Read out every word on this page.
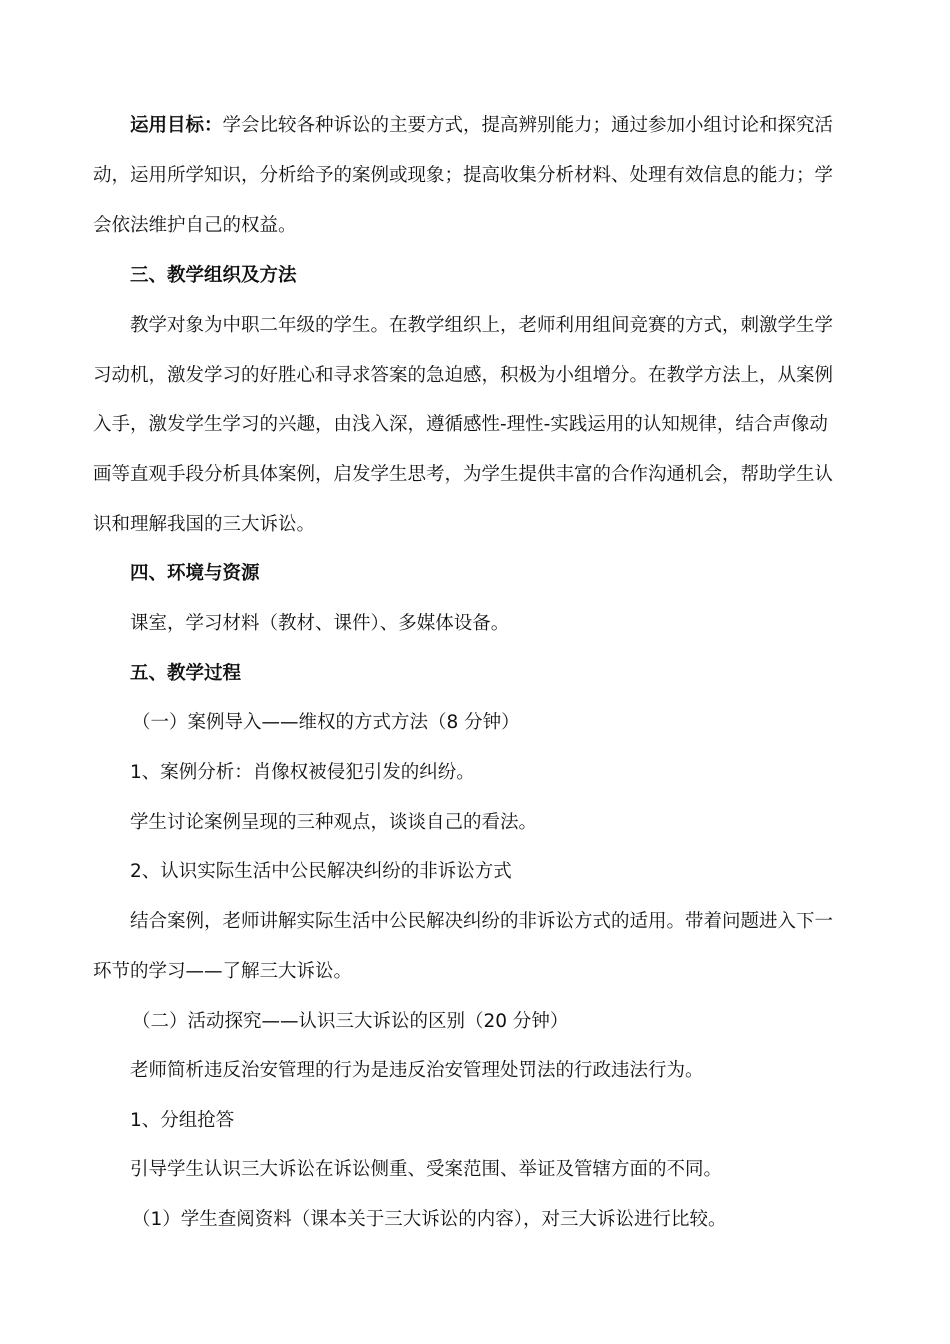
运用目标：学会比较各种诉讼的主要方式，提高辨别能力；通过参加小组讨论和探究活
动，运用所学知识，分析给予的案例或现象；提高收集分析材料、处理有效信息的能力；学
会依法维护自己的权益。
三、教学组织及方法
教学对象为中职二年级的学生。在教学组织上，老师利用组间竞赛的方式，刺激学生学
习动机，激发学习的好胜心和寻求答案的急迫感，积极为小组增分。在教学方法上，从案例
入手，激发学生学习的兴趣，由浅入深，遵循感性-理性-实践运用的认知规律，结合声像动
画等直观手段分析具体案例，启发学生思考，为学生提供丰富的合作沟通机会，帮助学生认
识和理解我国的三大诉讼。
四、环境与资源
课室，学习材料（教材、课件）、多媒体设备。
五、教学过程
（一）案例导入——维权的方式方法（8 分钟）
1、案例分析：肖像权被侵犯引发的纠纷。
学生讨论案例呈现的三种观点，谈谈自己的看法。
2、认识实际生活中公民解决纠纷的非诉讼方式
结合案例，老师讲解实际生活中公民解决纠纷的非诉讼方式的适用。带着问题进入下一
环节的学习——了解三大诉讼。
（二）活动探究——认识三大诉讼的区别（20 分钟）
老师简析违反治安管理的行为是违反治安管理处罚法的行政违法行为。
1、分组抢答
引导学生认识三大诉讼在诉讼侧重、受案范围、举证及管辖方面的不同。
（1）学生查阅资料（课本关于三大诉讼的内容），对三大诉讼进行比较。
